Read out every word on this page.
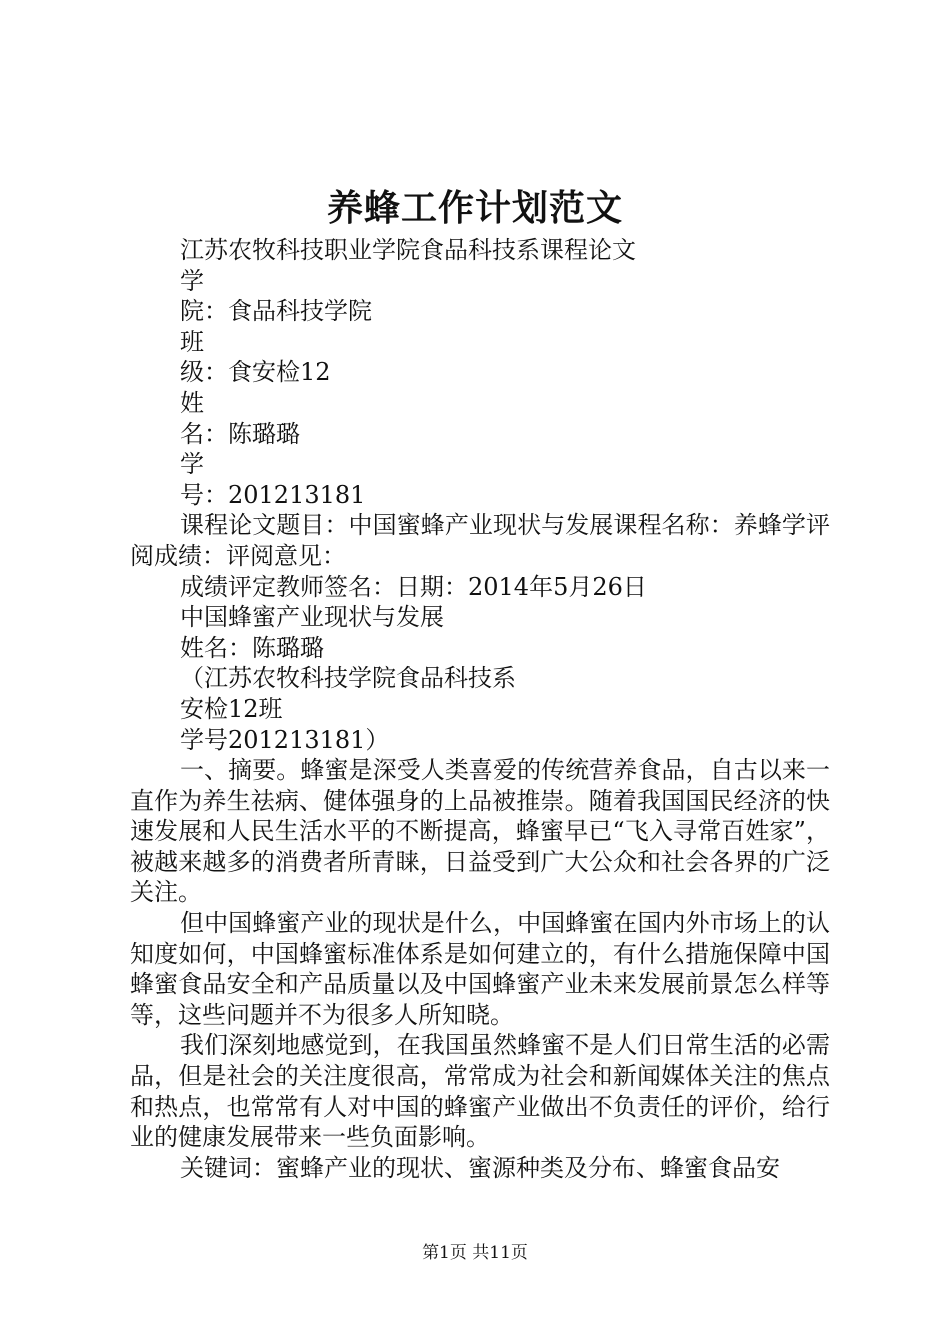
养蜂工作计划范文
江苏农牧科技职业学院食品科技系课程论文
学
院：食品科技学院
班
级：食安检12
姓
名：陈璐璐
学
号：201213181

课程论文题目：中国蜜蜂产业现状与发展课程名称：养蜂学评阅成绩：评阅意见：

成绩评定教师签名：日期：2014年5月26日
中国蜂蜜产业现状与发展
姓名：陈璐璐
（江苏农牧科技学院食品科技系
安检12班
学号201213181）

一、摘要。蜂蜜是深受人类喜爱的传统营养食品，自古以来一直作为养生祛病、健体强身的上品被推崇。随着我国国民经济的快速发展和人民生活水平的不断提高，蜂蜜早已“飞入寻常百姓家”，被越来越多的消费者所青睐，日益受到广大公众和社会各界的广泛关注。

但中国蜂蜜产业的现状是什么，中国蜂蜜在国内外市场上的认知度如何，中国蜂蜜标准体系是如何建立的，有什么措施保障中国蜂蜜食品安全和产品质量以及中国蜂蜜产业未来发展前景怎么样等等，这些问题并不为很多人所知晓。

我们深刻地感觉到，在我国虽然蜂蜜不是人们日常生活的必需品，但是社会的关注度很高，常常成为社会和新闻媒体关注的焦点和热点，也常常有人对中国的蜂蜜产业做出不负责任的评价，给行业的健康发展带来一些负面影响。

关键词：蜜蜂产业的现状、蜜源种类及分布、蜂蜜食品安

第1页 共11页
